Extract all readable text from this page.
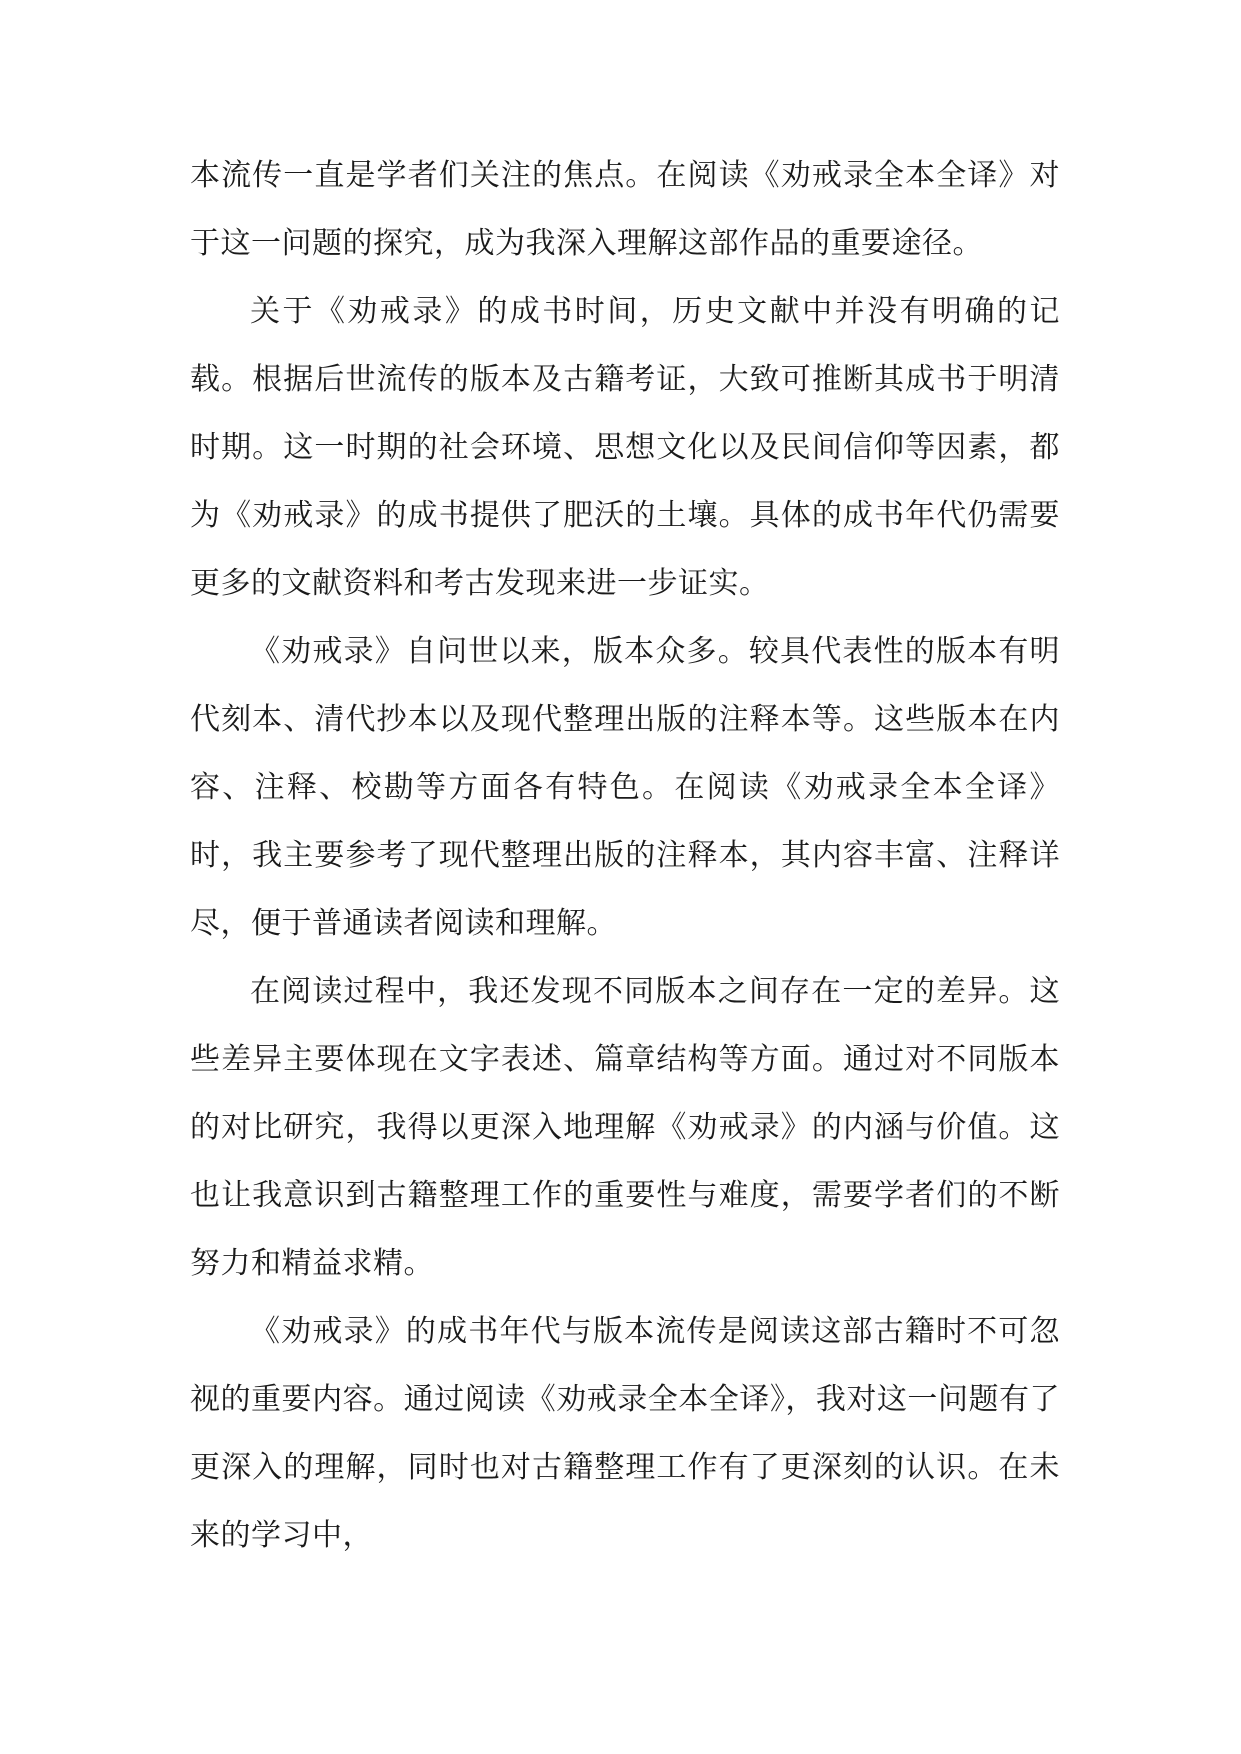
本流传一直是学者们关注的焦点。在阅读《劝戒录全本全译》对于这一问题的探究，成为我深入理解这部作品的重要途径。

关于《劝戒录》的成书时间，历史文献中并没有明确的记载。根据后世流传的版本及古籍考证，大致可推断其成书于明清时期。这一时期的社会环境、思想文化以及民间信仰等因素，都为《劝戒录》的成书提供了肥沃的土壤。具体的成书年代仍需要更多的文献资料和考古发现来进一步证实。

《劝戒录》自问世以来，版本众多。较具代表性的版本有明代刻本、清代抄本以及现代整理出版的注释本等。这些版本在内容、注释、校勘等方面各有特色。在阅读《劝戒录全本全译》时，我主要参考了现代整理出版的注释本，其内容丰富、注释详尽，便于普通读者阅读和理解。

在阅读过程中，我还发现不同版本之间存在一定的差异。这些差异主要体现在文字表述、篇章结构等方面。通过对不同版本的对比研究，我得以更深入地理解《劝戒录》的内涵与价值。这也让我意识到古籍整理工作的重要性与难度，需要学者们的不断努力和精益求精。

《劝戒录》的成书年代与版本流传是阅读这部古籍时不可忽视的重要内容。通过阅读《劝戒录全本全译》，我对这一问题有了更深入的理解，同时也对古籍整理工作有了更深刻的认识。在未来的学习中，
